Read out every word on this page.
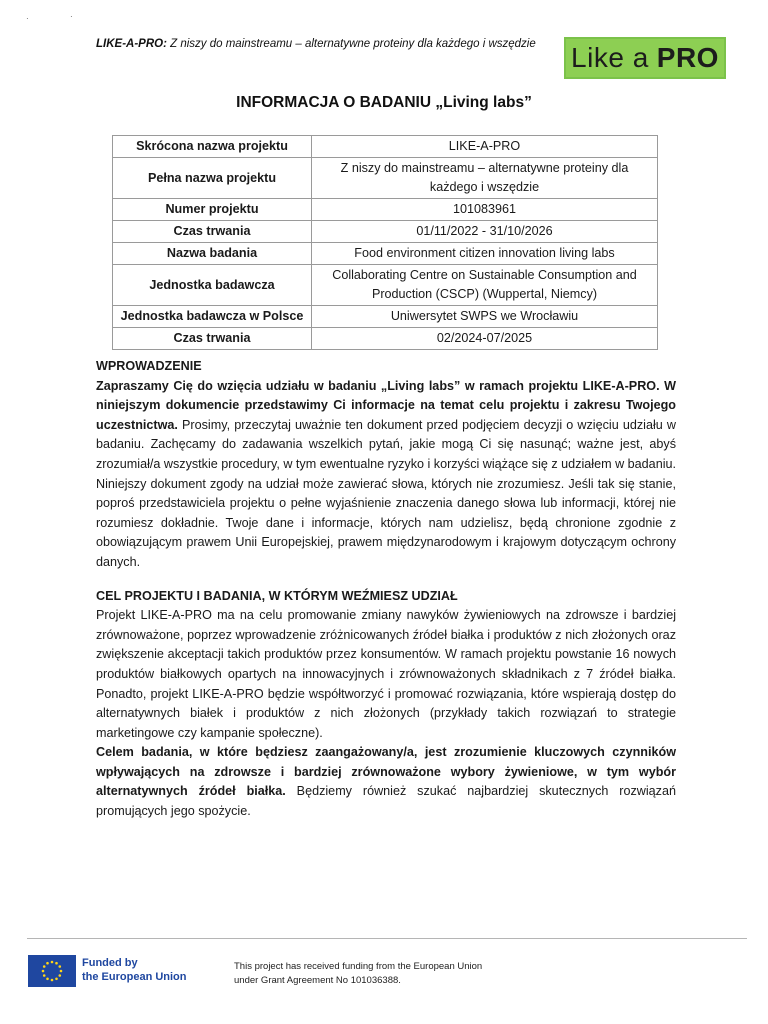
·	·
LIKE-A-PRO: Z niszy do mainstreamu – alternatywne proteiny dla każdego i wszędzie Like a PRO
INFORMACJA O BADANIU „Living labs”
Skrócona nazwa projektu	LIKE-A-PRO
Pełna nazwa projektu	Z niszy do mainstreamu – alternatywne proteiny dla każdego i wszędzie
Numer projektu	101083961
Czas trwania	01/11/2022 - 31/10/2026
Nazwa badania	Food environment citizen innovation living labs
Jednostka badawcza	Collaborating Centre on Sustainable Consumption and Production (CSCP) (Wuppertal, Niemcy)
Jednostka badawcza w Polsce	Uniwersytet SWPS we Wrocławiu
Czas trwania	02/2024-07/2025

WPROWADZENIE

Zapraszamy Cię do wzięcia udziału w badaniu „Living labs” w ramach projektu LIKE-A-PRO. W niniejszym dokumencie przedstawimy Ci informacje na temat celu projektu i zakresu Twojego uczestnictwa. Prosimy, przeczytaj uważnie ten dokument przed podjęciem decyzji o wzięciu udziału w badaniu. Zachęcamy do zadawania wszelkich pytań, jakie mogą Ci się nasunąć; ważne jest, abyś zrozumiał/a wszystkie procedury, w tym ewentualne ryzyko i korzyści wiążące się z udziałem w badaniu. Niniejszy dokument zgody na udział może zawierać słowa, których nie zrozumiesz. Jeśli tak się stanie, poproś przedstawiciela projektu o pełne wyjaśnienie znaczenia danego słowa lub informacji, której nie rozumiesz dokładnie. Twoje dane i informacje, których nam udzielisz, będą chronione zgodnie z obowiązującym prawem Unii Europejskiej, prawem międzynarodowym i krajowym dotyczącym ochrony danych.

CEL PROJEKTU I BADANIA, W KTÓRYM WEŹMIESZ UDZIAŁ

Projekt LIKE-A-PRO ma na celu promowanie zmiany nawyków żywieniowych na zdrowsze i bardziej zrównoważone, poprzez wprowadzenie zróżnicowanych źródeł białka i produktów z nich złożonych oraz zwiększenie akceptacji takich produktów przez konsumentów. W ramach projektu powstanie 16 nowych produktów białkowych opartych na innowacyjnych i zrównoważonych składnikach z 7 źródeł białka. Ponadto, projekt LIKE-A-PRO będzie współtworzyć i promować rozwiązania, które wspierają dostęp do alternatywnych białek i produktów z nich złożonych (przykłady takich rozwiązań to strategie marketingowe czy kampanie społeczne).

Celem badania, w które będziesz zaangażowany/a, jest zrozumienie kluczowych czynników wpływających na zdrowsze i bardziej zrównoważone wybory żywieniowe, w tym wybór alternatywnych źródeł białka. Będziemy również szukać najbardziej skutecznych rozwiązań promujących jego spożycie.

Funded by
the European Union
This project has received funding from the European Union
under Grant Agreement No 101036388.
